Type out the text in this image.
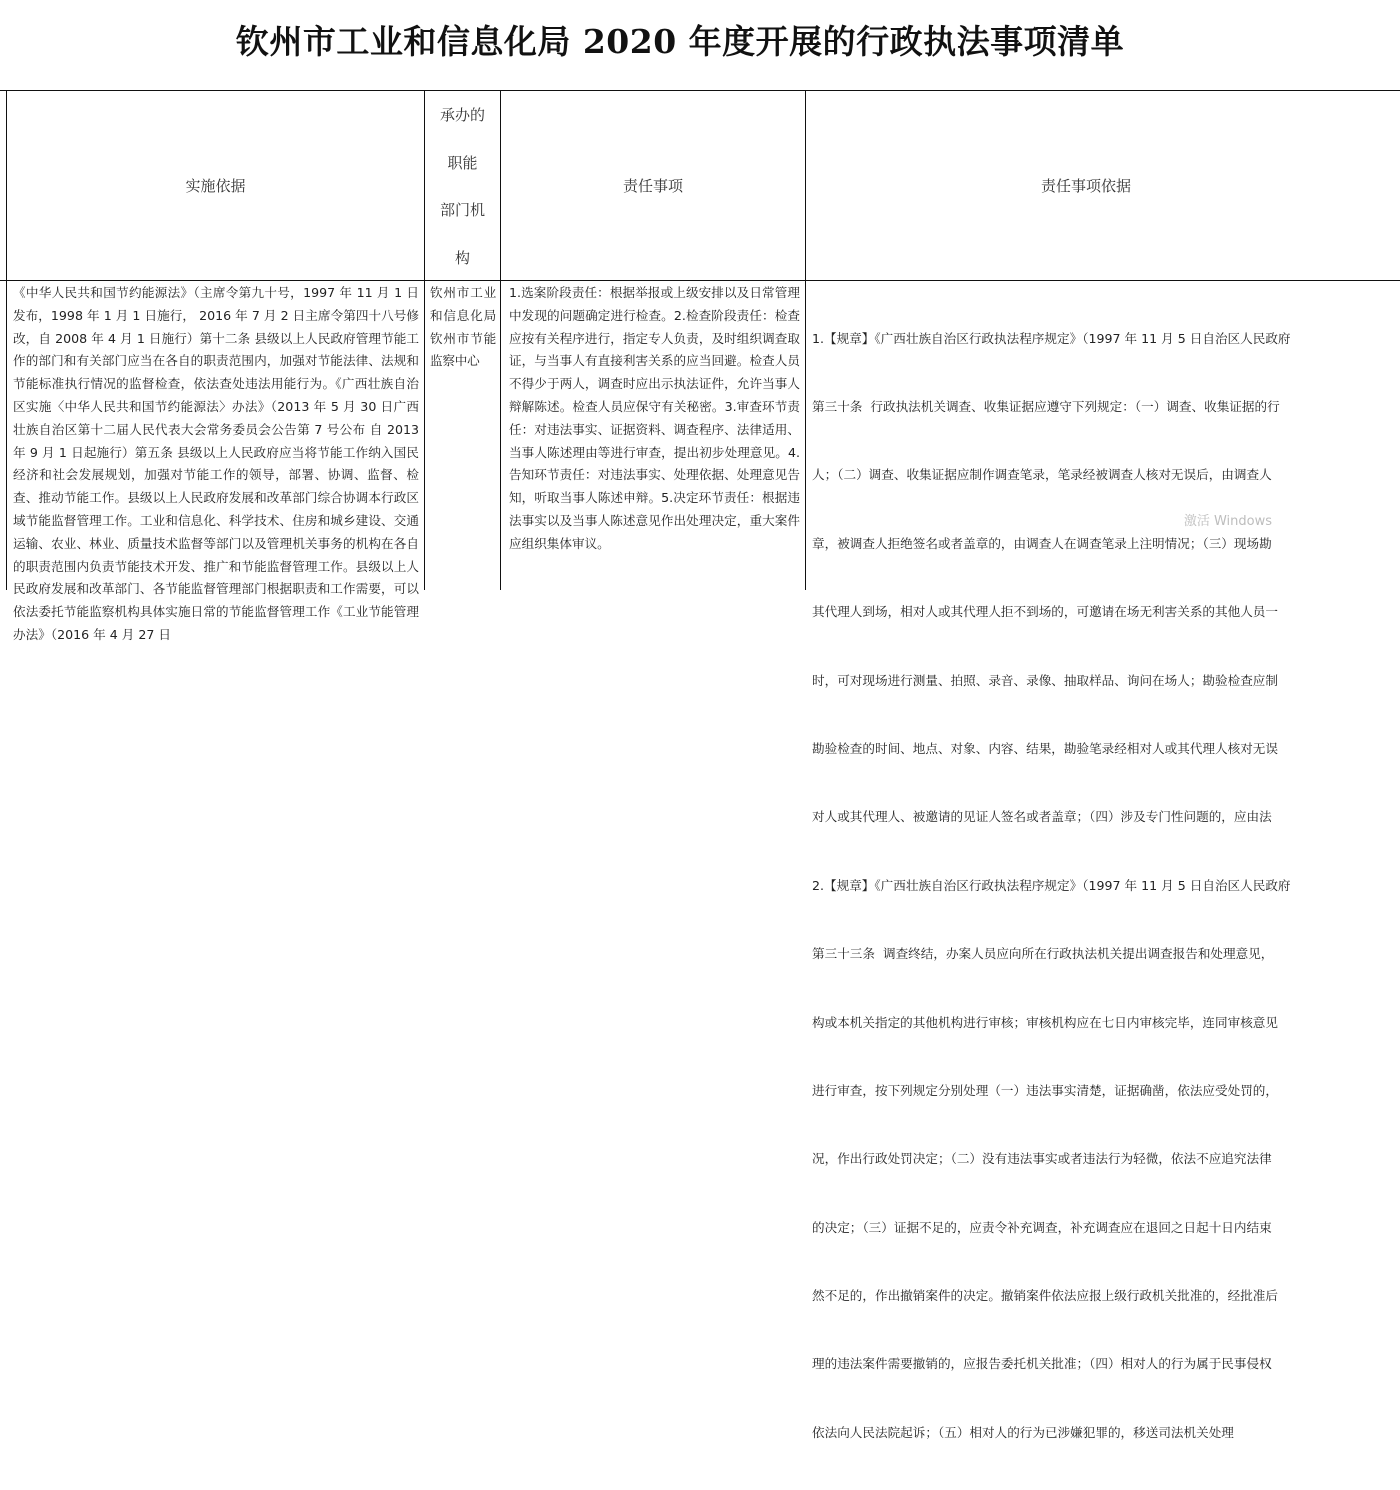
钦州市工业和信息化局 2020 年度开展的行政执法事项清单
实施依据
承办的
职能
部门机
构
责任事项	责任事项依据
《中华人民共和国节约能源法》（主席令第九十号，1997 年 11 月 1 日发布，1998 年 1 月 1 日施行， 2016 年 7 月 2 日主席令第四十八号修改，自 2008 年 4 月 1 日施行）第十二条 县级以上人民政府管理节能工作的部门和有关部门应当在各自的职责范围内，加强对节能法律、法规和节能标准执行情况的监督检查，依法查处违法用能行为。《广西壮族自治区实施〈中华人民共和国节约能源法〉办法》（2013 年 5 月 30 日广西壮族自治区第十二届人民代表大会常务委员会公告第 7 号公布 自 2013 年 9 月 1 日起施行）第五条 县级以上人民政府应当将节能工作纳入国民经济和社会发展规划，加强对节能工作的领导，部署、协调、监督、检查、推动节能工作。县级以上人民政府发展和改革部门综合协调本行政区域节能监督管理工作。工业和信息化、科学技术、住房和城乡建设、交通运输、农业、林业、质量技术监督等部门以及管理机关事务的机构在各自的职责范围内负责节能技术开发、推广和节能监督管理工作。县级以上人民政府发展和改革部门、各节能监督管理部门根据职责和工作需要，可以依法委托节能监察机构具体实施日常的节能监督管理工作《工业节能管理办法》（2016 年 4 月 27 日
钦州市工业和信息化局 钦州市节能监察中心
1.选案阶段责任：根据举报或上级安排以及日常管理中发现的问题确定进行检查。2.检查阶段责任：检查应按有关程序进行，指定专人负责，及时组织调查取证，与当事人有直接利害关系的应当回避。检查人员不得少于两人，调查时应出示执法证件，允许当事人辩解陈述。检查人员应保守有关秘密。3.审查环节责任：对违法事实、证据资料、调查程序、法律适用、当事人陈述理由等进行审查，提出初步处理意见。4.告知环节责任：对违法事实、处理依据、处理意见告知，听取当事人陈述申辩。5.决定环节责任：根据违法事实以及当事人陈述意见作出处理决定，重大案件应组织集体审议。

1.【规章】《广西壮族自治区行政执法程序规定》（1997 年 11 月 5 日自治区人民政府

第三十条  行政执法机关调查、收集证据应遵守下列规定：（一）调查、收集证据的行

人；（二）调查、收集证据应制作调查笔录，笔录经被调查人核对无误后，由调查人

章，被调查人拒绝签名或者盖章的，由调查人在调查笔录上注明情况；（三）现场勘

其代理人到场，相对人或其代理人拒不到场的，可邀请在场无利害关系的其他人员一

时，可对现场进行测量、拍照、录音、录像、抽取样品、询问在场人；勘验检查应制

勘验检查的时间、地点、对象、内容、结果，勘验笔录经相对人或其代理人核对无误

对人或其代理人、被邀请的见证人签名或者盖章；（四）涉及专门性问题的，应由法

2.【规章】《广西壮族自治区行政执法程序规定》（1997 年 11 月 5 日自治区人民政府

第三十三条  调查终结，办案人员应向所在行政执法机关提出调查报告和处理意见，

构或本机关指定的其他机构进行审核；审核机构应在七日内审核完毕，连同审核意见

进行审查，按下列规定分别处理（一）违法事实清楚，证据确凿，依法应受处罚的，

况，作出行政处罚决定；（二）没有违法事实或者违法行为轻微，依法不应追究法律

的决定；（三）证据不足的，应责令补充调查，补充调查应在退回之日起十日内结束

然不足的，作出撤销案件的决定。撤销案件依法应报上级行政机关批准的，经批准后

理的违法案件需要撤销的，应报告委托机关批准；（四）相对人的行为属于民事侵权

依法向人民法院起诉；（五）相对人的行为已涉嫌犯罪的，移送司法机关处理

激活 Windows
